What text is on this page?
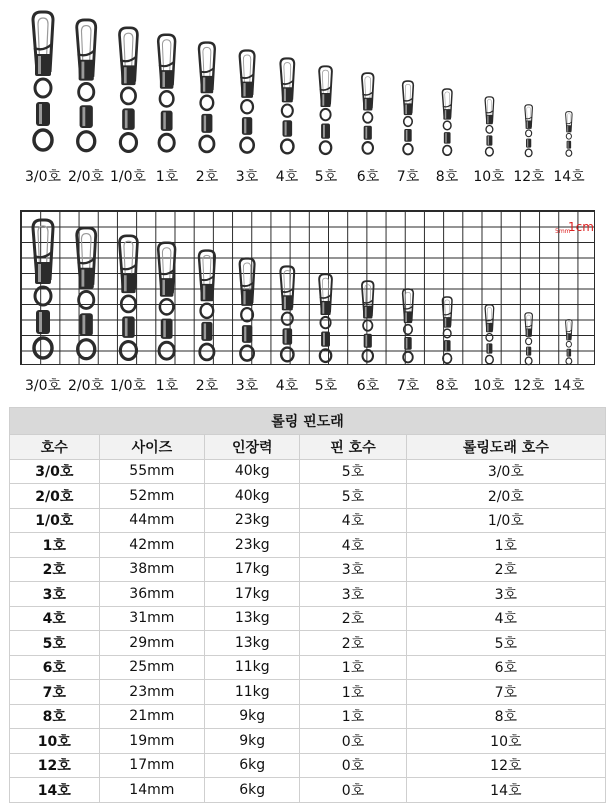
3/0호 2/0호 1/0호 1호 2호 3호 4호 5호 6호 7호 8호 10호 12호 14호
5mm
1cm
3/0호 2/0호 1/0호 1호 2호 3호 4호 5호 6호 7호 8호 10호 12호 14호
롤링 핀도래				
호수	사이즈	인장력	핀 호수	롤링도래 호수
3/0호	55mm	40kg	5호	3/0호
2/0호	52mm	40kg	5호	2/0호
1/0호	44mm	23kg	4호	1/0호
1호	42mm	23kg	4호	1호
2호	38mm	17kg	3호	2호
3호	36mm	17kg	3호	3호
4호	31mm	13kg	2호	4호
5호	29mm	13kg	2호	5호
6호	25mm	11kg	1호	6호
7호	23mm	11kg	1호	7호
8호	21mm	9kg	1호	8호
10호	19mm	9kg	0호	10호
12호	17mm	6kg	0호	12호
14호	14mm	6kg	0호	14호
